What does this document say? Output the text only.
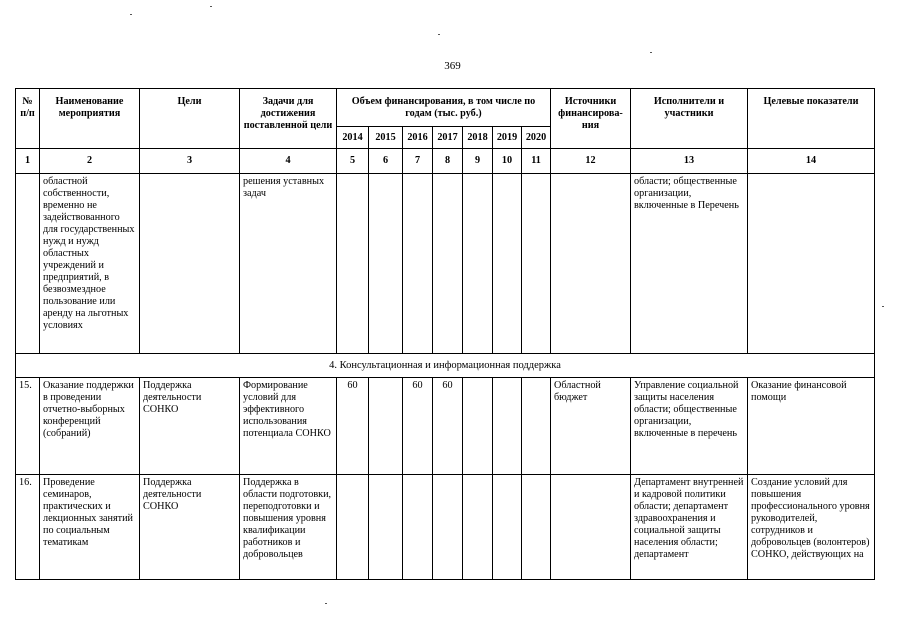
369
№ п/п	Наименование мероприятия	Цели	Задачи для достижения поставленной цели	Объем финансирования, в том числе по годам (тыс. руб.)							Источники финансирова-ния	Исполнители и участники	Целевые показатели
				2014	2015	2016	2017	2018	2019	2020			
1	2	3	4	5	6	7	8	9	10	11	12	13	14
	областной собственности, временно не задействованного для государственных нужд и нужд областных учреждений и предприятий, в безвозмездное пользование или аренду на льготных условиях		решения уставных задач									области; общественные организации, включенные в Перечень	
4. Консультационная и информационная поддержка													
15.	Оказание поддержки в проведении отчетно-выборных конференций (собраний)	Поддержка деятельности СОНКО	Формирование условий для эффективного использования потенциала СОНКО	60		60	60				Областной бюджет	Управление социальной защиты населения области; общественные организации, включенные в перечень	Оказание финансовой помощи
16.	Проведение семинаров, практических и лекционных занятий по социальным тематикам	Поддержка деятельности СОНКО	Поддержка в области подготовки, переподготовки и повышения уровня квалификации работников и добровольцев									Департамент внутренней и кадровой политики области; департамент здравоохранения и социальной защиты населения области; департамент	Создание условий для повышения профессионального уровня руководителей, сотрудников и добровольцев (волонтеров) СОНКО, действующих на
